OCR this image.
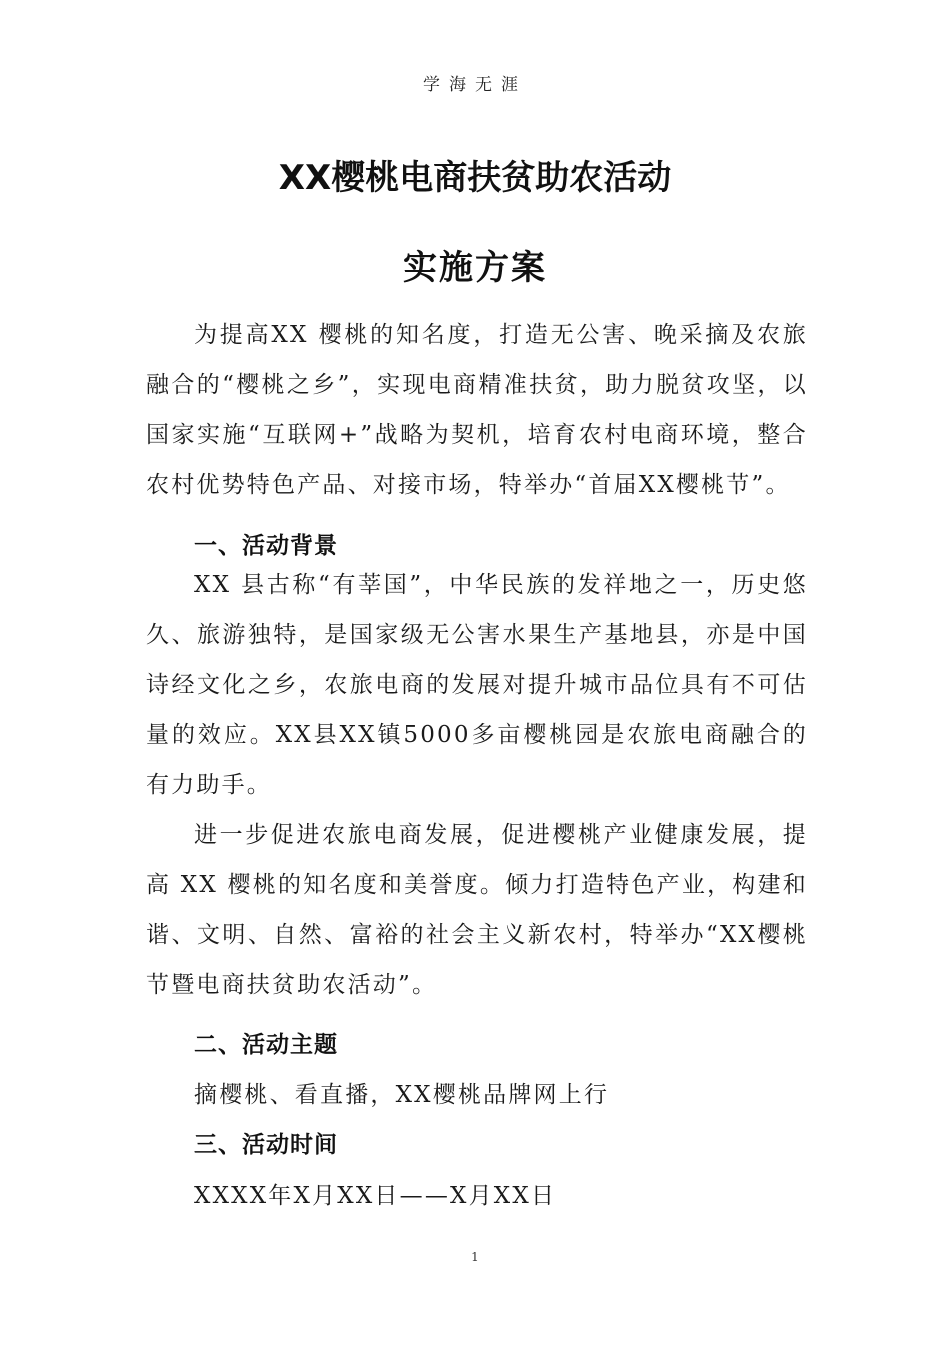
学海无涯
XX樱桃电商扶贫助农活动
实施方案

为提高XX 樱桃的知名度，打造无公害、晚采摘及农旅融合的“樱桃之乡”，实现电商精准扶贫，助力脱贫攻坚，以国家实施“互联网+”战略为契机，培育农村电商环境，整合农村优势特色产品、对接市场，特举办“首届XX樱桃节”。

一、活动背景

XX 县古称“有莘国”，中华民族的发祥地之一，历史悠久、旅游独特，是国家级无公害水果生产基地县，亦是中国诗经文化之乡，农旅电商的发展对提升城市品位具有不可估量的效应。XX县XX镇5000多亩樱桃园是农旅电商融合的有力助手。

进一步促进农旅电商发展，促进樱桃产业健康发展，提高 XX 樱桃的知名度和美誉度。倾力打造特色产业，构建和谐、文明、自然、富裕的社会主义新农村，特举办“XX樱桃节暨电商扶贫助农活动”。

二、活动主题
摘樱桃、看直播，XX樱桃品牌网上行
三、活动时间
XXXX年X月XX日——X月XX日
1
